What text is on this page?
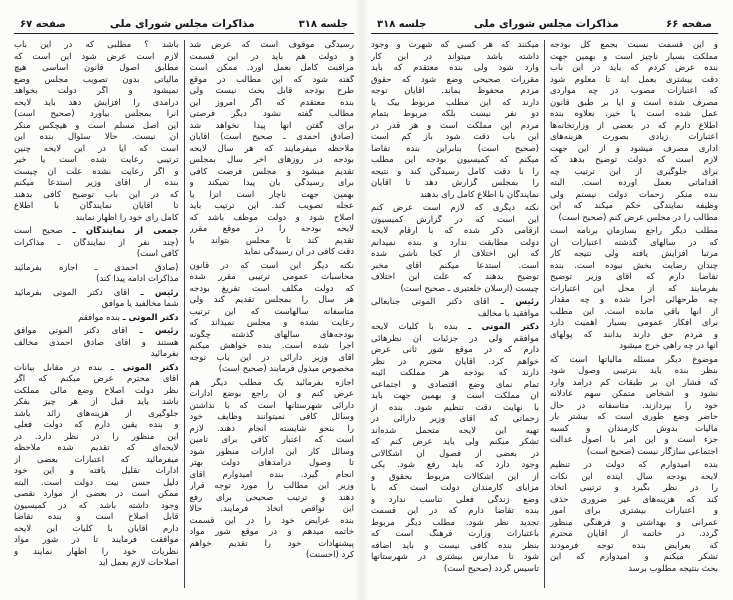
جلسه ۳۱۸
مذاکرات مجلس شورای ملی
صفحه ۶۷
رسیدگی موقوف است که عرض شد
و دولت هم باید در این قسمت
مراقبت کامل بعمل آورد. ممکن است
گفته شود که این مطالب در موقع
طرح بودجه قابل بحث نیست ولی
بنده معتقدم که اگر امروز این
مطالب گفته نشود دیگر فرصتی
برای گفتن آنها پیدا نخواهد شد
(صادق احمدی ـ صحیح است) آقایان
ملاحظه میفرمایند که هر سال لایحه
بودجه در روزهای آخر سال بمجلس
تقدیم میشود و مجلس فرصت کافی
برای رسیدگی بآن پیدا نمیکند و
بهمین جهت ناچار است آنرا با
عجله تصویب کند. این ترتیب باید
اصلاح شود و دولت موظف باشد که
لایحه بودجه را در موقع مقرر
تقدیم کند تا مجلس بتواند با
دقت کافی در آن رسیدگی نماید
نکته دیگر این است که در قانون
محاسبات عمومی ترتیبی مقرر شده
که دولت مکلف است تفریغ بودجه
هر سال را بمجلس تقدیم کند ولی
متأسفانه سالهاست که این ترتیب
رعایت نشده و مجلس نمیداند که
بودجه‌های سالهای گذشته چگونه
اجرا شده است. بنده خواهش میکنم
آقای وزیر دارائی در این باب توجه
مخصوص مبذول فرمایند (صحیح است)
اجازه بفرمائید یک مطلب دیگر هم
عرض کنم و آن راجع بوضع ادارات
دارائی شهرستانها است که با نداشتن
وسائل کافی نمیتوانند وظایف خود
را بنحو شایسته انجام دهند. لازم
است که اعتبار کافی برای تأمین
وسائل کار این ادارات منظور شود
تا وصول درآمدهای دولت بهتر
انجام گیرد. بنده امیدوارم آقای
وزیر این مطالب را مورد توجه قرار
دهند و ترتیب صحیحی برای رفع
این نواقص اتخاذ فرمایند. حالا
بنده عرایض خود را در این قسمت
خاتمه میدهم و در موقع شور مواد
پیشنهادات خود را تقدیم خواهم
کرد (احسنت)
باشد ؟ مطلبی که در این باب
لازم است عرض شود این است که
مطابق اصول قانون اساسی هیچ
مالیاتی بدون تصویب مجلس وضع
نمیشود و اگر دولت بخواهد
درآمدی را افزایش دهد باید لایحه
آنرا بمجلس بیاورد (صحیح است)
این اصل مسلم است و هیچکس منکر
آن نیست. حالا سئوال بنده این
است که آیا در این لایحه چنین
ترتیبی رعایت شده است یا خیر
و اگر رعایت نشده علت آن چیست
بنده از آقای وزیر استدعا میکنم
که در این باب توضیح کافی بدهند
تا آقایان نمایندگان با اطلاع
کامل رأی خود را اظهار نمایند
جمعی از نمایندگان ـ صحیح است
(چند نفر از نمایندگان ـ مذاکرات
کافی است)
(صادق احمدی ـ اجازه بفرمائید
مذاکرات ادامه پیدا کند)
رئیس ـ آقای دکتر الموتی بفرمائید
شما مخالفید یا موافق
دکتر الموتی ـ بنده موافقم
رئیس ـ آقای دکتر الموتی موافق
هستند و آقای صادق احمدی مخالف
بفرمائید
دکتر الموتی ـ بنده در مقابل بیانات
آقای محترم عرض میکنم که اگر
نظر دولت اصلاح وضع مالی مملکت
باشد باید قبل از هر چیز بفکر
جلوگیری از هزینه‌های زائد باشد
و بنده یقین دارم که دولت فعلی
این منظور را در نظر دارد. در
لایحه‌ای که تقدیم شده ملاحظه
میفرمائید که اعتبارات بعضی از
ادارات تقلیل یافته و این خود
دلیل حسن نیت دولت است. البته
ممکن است در بعضی از موارد نقصی
وجود داشته باشد که در کمیسیون
قابل اصلاح است و بنده تقاضا
دارم آقایان با کلیات این لایحه
موافقت فرمایند تا در شور مواد
نظریات خود را اظهار نمایند و
اصلاحات لازم بعمل آید
صفحه ۶۶
مذاکرات مجلس شورای ملی
جلسه ۳۱۸
و این قسمت نسبت بجمع کل بودجه
مملکت بسیار ناچیز است و بهمین جهت
بنده عرض کردم که باید در این باب
دقت بیشتری بعمل آید تا معلوم شود
که اعتبارات مصوب در چه مواردی
مصرف شده است و آیا بر طبق قانون
عمل شده است یا خیر. بعلاوه بنده
اطلاع دارم که در بعضی از وزارتخانه‌ها
اعتبارات زیادی بصورت هزینه‌های
اداری مصرف میشود و از این جهت
لازم است که دولت توضیح بدهد که
برای جلوگیری از این ترتیب چه
اقداماتی بعمل آورده است. البته
بنده منکر زحمات دولت نیستم ولی
وظیفه نمایندگی حکم میکند که این
مطالب را در مجلس عرض کنم (صحیح است)
مطلب دیگر راجع بسازمان برنامه است
که در سالهای گذشته اعتبارات آن
مرتباً افزایش یافته ولی نتیجه کار
چندان رضایت بخش نبوده است. بنده
تقاضا دارم که آقای وزیر توضیح
بفرمایند که از محل این اعتبارات
چه طرحهائی اجرا شده و چه مقدار
از آنها باقی مانده است. این مطلب
برای افکار عمومی بسیار اهمیت دارد
و مردم حق دارند بدانند که پولهای
آنها در چه راهی خرج میشود
موضوع دیگر مسئله مالیاتها است که
بنظر بنده باید بترتیبی وصول شود
که فشار آن بر طبقات کم درآمد وارد
نشود و اشخاص متمکن سهم عادلانه
خود را بپردازند. متأسفانه در حال
حاضر وضع طوری است که بیشتر بار
مالیات بدوش کارمندان و کسبه
جزء است و این امر با اصول عدالت
اجتماعی سازگار نیست (صحیح است)
بنده امیدوارم که دولت در تنظیم
لایحه بودجه سال آینده این نکات
را در نظر بگیرد و ترتیبی اتخاذ
کند که هزینه‌های غیر ضروری حذف
و اعتبارات بیشتری برای امور
عمرانی و بهداشتی و فرهنگی منظور
گردد. در خاتمه از آقایان محترم
که بعرایض بنده توجه فرمودند
تشکر میکنم و امیدوارم که این
بحث بنتیجه مطلوب برسد
میکنند که هر کسی که شهرت و وجود
داشته باشد میتواند در این کار
وارد شود ولی بنده معتقدم که باید
مقررات صحیحی وضع شود که حقوق
مردم محفوظ بماند. آقایان توجه
دارند که این مطلب مربوط بیک یا
دو نفر نیست بلکه مربوط بتمام
مردم این مملکت است و هر قدر در
این باب دقت شود باز کم است
(صحیح است) بنابراین بنده تقاضا
میکنم که کمیسیون بودجه این مطلب
را با دقت کامل رسیدگی کند و نتیجه
را بمجلس گزارش دهد تا آقایان
نمایندگان با اطلاع کامل رأی بدهند
نکته دیگری که لازم است عرض کنم
این است که در گزارش کمیسیون
ارقامی ذکر شده که با ارقام لایحه
دولت مطابقت ندارد و بنده نمیدانم
که این اختلاف از کجا ناشی شده
است. استدعا میکنم آقای مخبر
توضیح بدهند که علت این اختلاف
چیست (ارسلان خلعتبری ـ صحیح است)
رئیس ـ آقای دکتر الموتی جنابعالی
موافقید یا مخالف
دکتر الموتی ـ بنده با کلیات لایحه
موافقم ولی در جزئیات آن نظرهائی
دارم که در موقع شور ثانی عرض
خواهم کرد. آقایان محترم در نظر
دارند که بودجه هر مملکت آئینه
تمام نمای وضع اقتصادی و اجتماعی
آن مملکت است و بهمین جهت باید
با نهایت دقت تنظیم شود. بنده از
زحماتی که آقای وزیر دارائی در
تهیه این لایحه متحمل شده‌اند
تشکر میکنم ولی باید عرض کنم که
در بعضی از فصول آن اشکالاتی
وجود دارد که باید رفع شود. یکی
از این اشکالات مربوط بحقوق و
مزایای کارمندان دولت است که با
وضع زندگی فعلی تناسب ندارد و
بنده تقاضا دارم که در این قسمت
تجدید نظر شود. مطلب دیگر مربوط
باعتبارات وزارت فرهنگ است که
بنظر بنده کافی نیست و باید اضافه
شود تا مدارس بیشتری در شهرستانها
تأسیس گردد (صحیح است)
